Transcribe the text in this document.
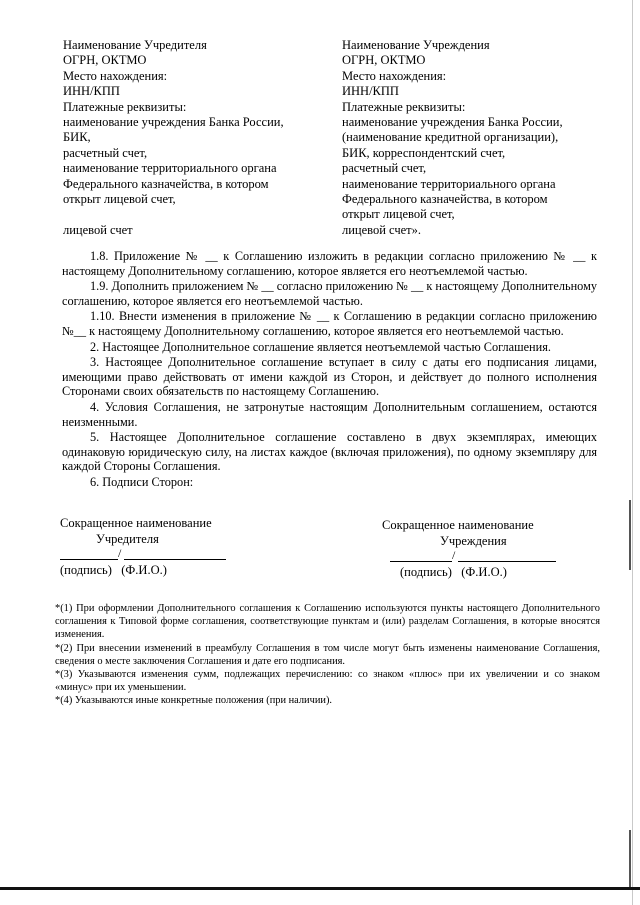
Наименование Учредителя
ОГРН, ОКТМО
Место нахождения:
ИНН/КПП
Платежные реквизиты:
наименование учреждения Банка России,
БИК,
расчетный счет,
наименование территориального органа
Федерального казначейства, в котором
открыт лицевой счет,
лицевой счет
Наименование Учреждения
ОГРН, ОКТМО
Место нахождения:
ИНН/КПП
Платежные реквизиты:
наименование учреждения Банка России,
(наименование кредитной организации),
БИК, корреспондентский счет,
расчетный счет,
наименование территориального органа
Федерального казначейства, в котором
открыт лицевой счет,
лицевой счет».

1.8. Приложение № __ к Соглашению изложить в редакции согласно приложению № __ к настоящему Дополнительному соглашению, которое является его неотъемлемой частью.

1.9. Дополнить приложением № __ согласно приложению № __ к настоящему Дополнительному соглашению, которое является его неотъемлемой частью.

1.10. Внести изменения в приложение № __ к Соглашению в редакции согласно приложению №__ к настоящему Дополнительному соглашению, которое является его неотъемлемой частью.

2. Настоящее Дополнительное соглашение является неотъемлемой частью Соглашения.

3. Настоящее Дополнительное соглашение вступает в силу с даты его подписания лицами, имеющими право действовать от имени каждой из Сторон, и действует до полного исполнения Сторонами своих обязательств по настоящему Соглашению.

4. Условия Соглашения, не затронутые настоящим Дополнительным соглашением, остаются неизменными.

5. Настоящее Дополнительное соглашение составлено в двух экземплярах, имеющих одинаковую юридическую силу, на листах каждое (включая приложения), по одному экземпляру для каждой Стороны Соглашения.

6. Подписи Сторон:

Сокращенное наименование
Учредителя
/
(подпись)   (Ф.И.О.)
Сокращенное наименование
Учреждения
/
(подпись)   (Ф.И.О.)

*(1) При оформлении Дополнительного соглашения к Соглашению используются пункты настоящего Дополнительного соглашения к Типовой форме соглашения, соответствующие пунктам и (или) разделам Соглашения, в которые вносятся изменения.

*(2) При внесении изменений в преамбулу Соглашения в том числе могут быть изменены наименование Соглашения, сведения о месте заключения Соглашения и дате его подписания.

*(3) Указываются изменения сумм, подлежащих перечислению: со знаком «плюс» при их увеличении и со знаком «минус» при их уменьшении.

*(4) Указываются иные конкретные положения (при наличии).
